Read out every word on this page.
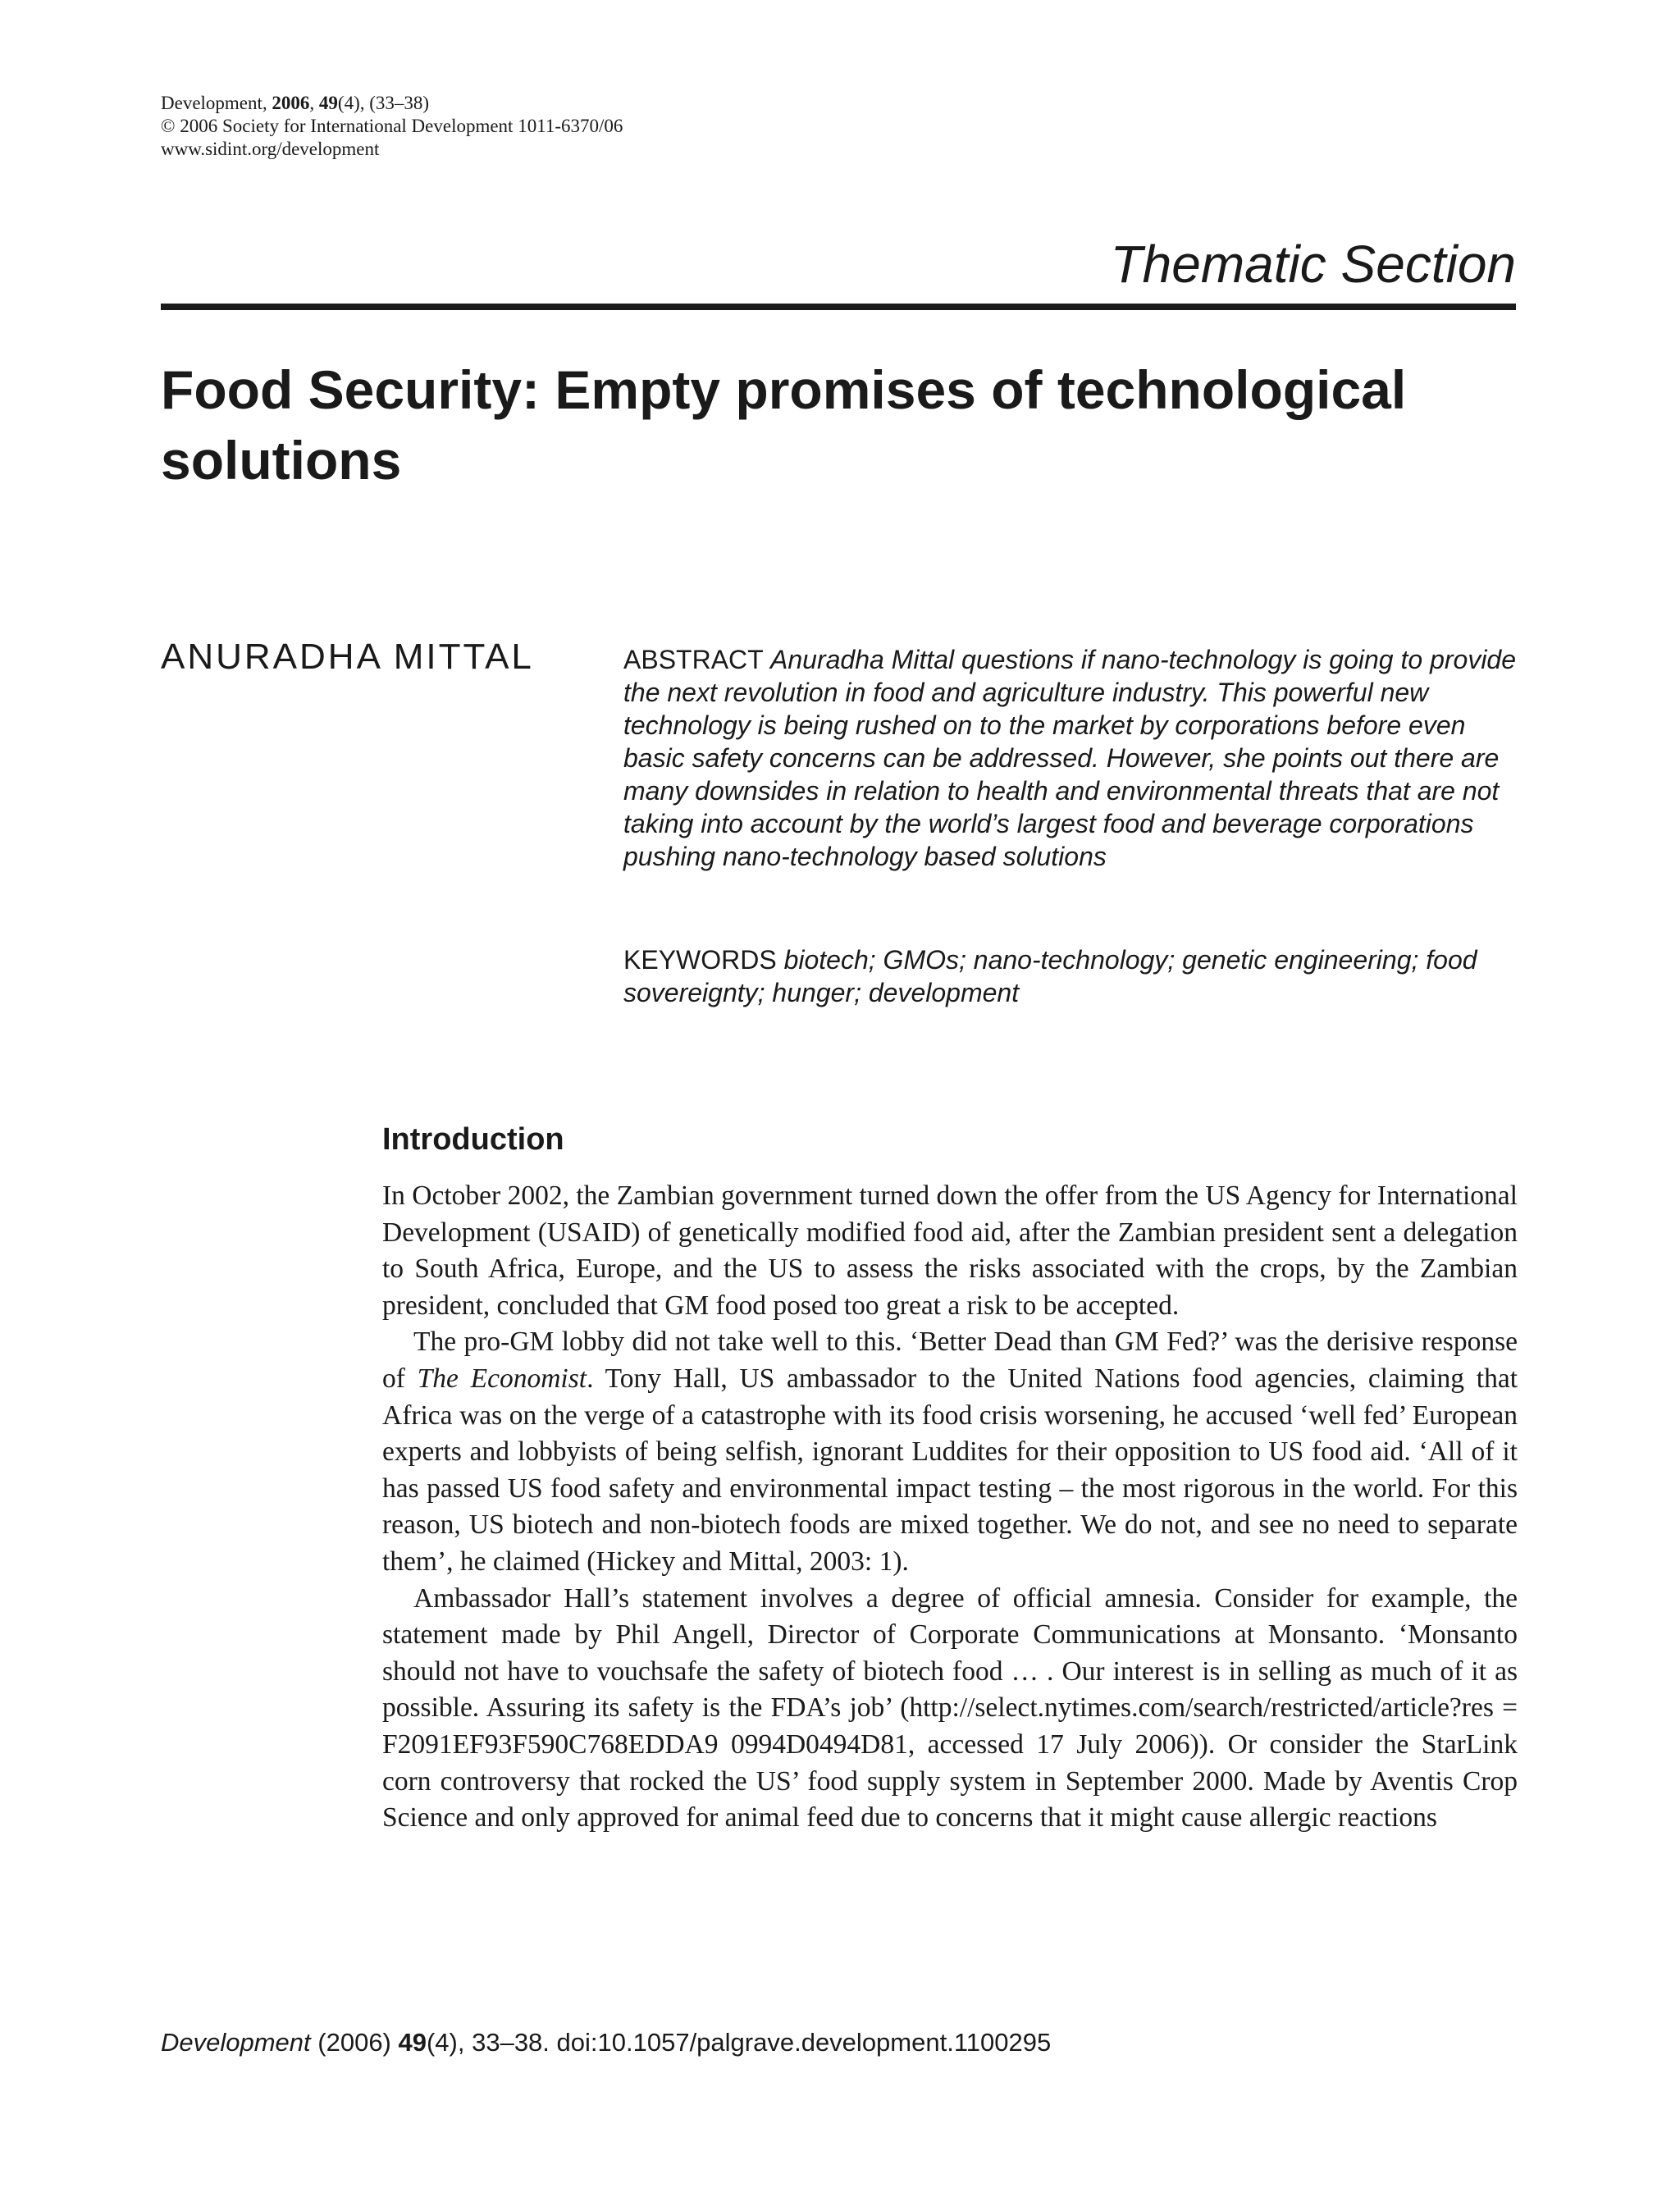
Development, 2006, 49(4), (33–38)
© 2006 Society for International Development 1011-6370/06
www.sidint.org/development
Thematic Section
Food Security: Empty promises of technological solutions
ANURADHA MITTAL	ABSTRACT Anuradha Mittal questions if nano-technology is going to provide the next revolution in food and agriculture industry. This powerful new technology is being rushed on to the market by corporations before even basic safety concerns can be addressed. However, she points out there are many downsides in relation to health and environmental threats that are not taking into account by the world’s largest food and beverage corporations pushing nano-technology based solutions
KEYWORDS biotech; GMOs; nano-technology; genetic engineering; food sovereignty; hunger; development
Introduction

In October 2002, the Zambian government turned down the offer from the US Agency for International Development (USAID) of genetically modified food aid, after the Zambian president sent a delegation to South Africa, Europe, and the US to assess the risks associated with the crops, by the Zambian president, concluded that GM food posed too great a risk to be accepted.

The pro-GM lobby did not take well to this. ‘Better Dead than GM Fed?’ was the derisive response of The Economist. Tony Hall, US ambassador to the United Nations food agencies, claiming that Africa was on the verge of a catastrophe with its food crisis worsening, he accused ‘well fed’ European experts and lobbyists of being selfish, ignorant Luddites for their opposition to US food aid. ‘All of it has passed US food safety and environmental impact testing – the most rigorous in the world. For this reason, US biotech and non-biotech foods are mixed together. We do not, and see no need to separate them’, he claimed (Hickey and Mittal, 2003: 1).

Ambassador Hall’s statement involves a degree of official amnesia. Consider for example, the statement made by Phil Angell, Director of Corporate Communications at Monsanto. ‘Monsanto should not have to vouchsafe the safety of biotech food … . Our interest is in selling as much of it as possible. Assuring its safety is the FDA’s job’ (http://select.nytimes.com/search/restricted/article?res = F2091EF93F590C768EDDA9 0994D0494D81, accessed 17 July 2006)). Or consider the StarLink corn controversy that rocked the US’ food supply system in September 2000. Made by Aventis Crop Science and only approved for animal feed due to concerns that it might cause allergic reactions

Development (2006) 49(4), 33–38. doi:10.1057/palgrave.development.1100295
